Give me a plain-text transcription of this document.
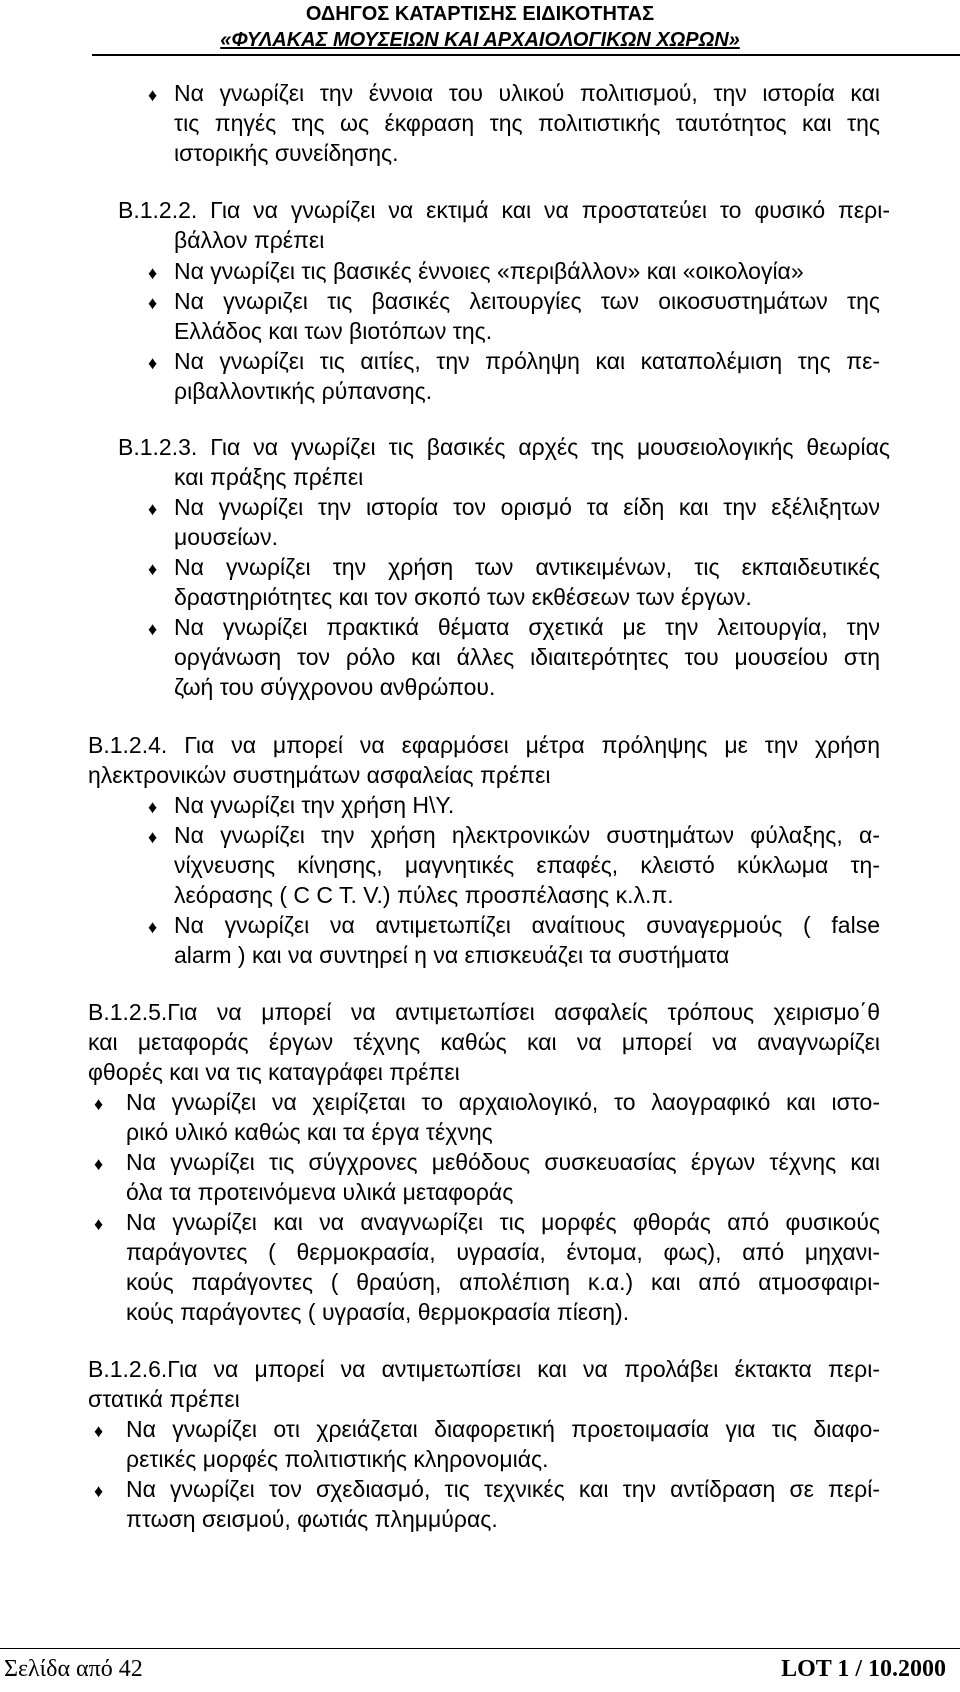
ΟΔΗΓΟΣ ΚΑΤΑΡΤΙΣΗΣ ΕΙΔΙΚΟΤΗΤΑΣ
«ΦΥΛΑΚΑΣ ΜΟΥΣΕΙΩΝ ΚΑΙ ΑΡΧΑΙΟΛΟΓΙΚΩΝ ΧΩΡΩΝ»
♦ Να γνωρίζει την έννοια του υλικού πολιτισμού, την ιστορία και
τις πηγές της ως έκφραση της πολιτιστικής ταυτότητος και της
ιστορικής συνείδησης.
Β.1.2.2. Για να γνωρίζει να εκτιμά και να προστατεύει το φυσικό περι-
βάλλον πρέπει
♦ Να γνωρίζει τις βασικές έννοιες «περιβάλλον» και «οικολογία»
♦ Να γνωριζει τις βασικές λειτουργίες των οικοσυστημάτων της
Ελλάδος και των βιοτόπων της.
♦ Να γνωρίζει τις αιτίες, την πρόληψη και καταπολέμιση της πε-
ριβαλλοντικής ρύπανσης.
Β.1.2.3. Για να γνωρίζει τις βασικές αρχές της μουσειολογικής θεωρίας
και πράξης πρέπει
♦ Να γνωρίζει την ιστορία τον ορισμό τα είδη και την εξέλιξητων
μουσείων.
♦ Να γνωρίζει την χρήση των αντικειμένων, τις εκπαιδευτικές
δραστηριότητες και τον σκοπό των εκθέσεων των έργων.
♦ Να γνωρίζει πρακτικά θέματα σχετικά με την λειτουργία, την
οργάνωση τον ρόλο και άλλες ιδιαιτερότητες του μουσείου στη
ζωή του σύγχρονου ανθρώπου.
Β.1.2.4. Για να μπορεί να εφαρμόσει μέτρα πρόληψης με την χρήση
ηλεκτρονικών συστημάτων ασφαλείας πρέπει
♦ Να γνωρίζει την χρήση Η\Υ.
♦ Να γνωρίζει την χρήση ηλεκτρονικών συστημάτων φύλαξης, α-
νίχνευσης κίνησης, μαγνητικές επαφές, κλειστό κύκλωμα τη-
λεόρασης ( C C T. V.) πύλες προσπέλασης κ.λ.π.
♦ Να γνωρίζει να αντιμετωπίζει αναίτιους συναγερμούς ( false
alarm ) και να συντηρεί η να επισκευάζει τα συστήματα
Β.1.2.5.Για να μπορεί να αντιμετωπίσει ασφαλείς τρόπους χειρισμο΄θ
και μεταφοράς έργων τέχνης καθώς και να μπορεί να αναγνωρίζει
φθορές και να τις καταγράφει πρέπει
♦ Να γνωρίζει να χειρίζεται το αρχαιολογικό, το λαογραφικό και ιστο-
ρικό υλικό καθώς και τα έργα τέχνης
♦ Να γνωρίζει τις σύγχρονες μεθόδους συσκευασίας έργων τέχνης και
όλα τα προτεινόμενα υλικά μεταφοράς
♦ Να γνωρίζει και να αναγνωρίζει τις μορφές φθοράς από φυσικούς
παράγοντες ( θερμοκρασία, υγρασία, έντομα, φως), από μηχανι-
κούς παράγοντες ( θραύση, απολέπιση κ.α.) και από ατμοσφαιρι-
κούς παράγοντες ( υγρασία, θερμοκρασία πίεση).
Β.1.2.6.Για να μπορεί να αντιμετωπίσει και να προλάβει έκτακτα περι-
στατικά πρέπει
♦ Να γνωρίζει οτι χρειάζεται διαφορετική προετοιμασία για τις διαφο-
ρετικές μορφές πολιτιστικής κληρονομιάς.
♦ Να γνωρίζει τον σχεδιασμό, τις τεχνικές και την αντίδραση σε περί-
πτωση σεισμού, φωτιάς πλημμύρας.
Σελίδα από 42	LOT 1 / 10.2000
